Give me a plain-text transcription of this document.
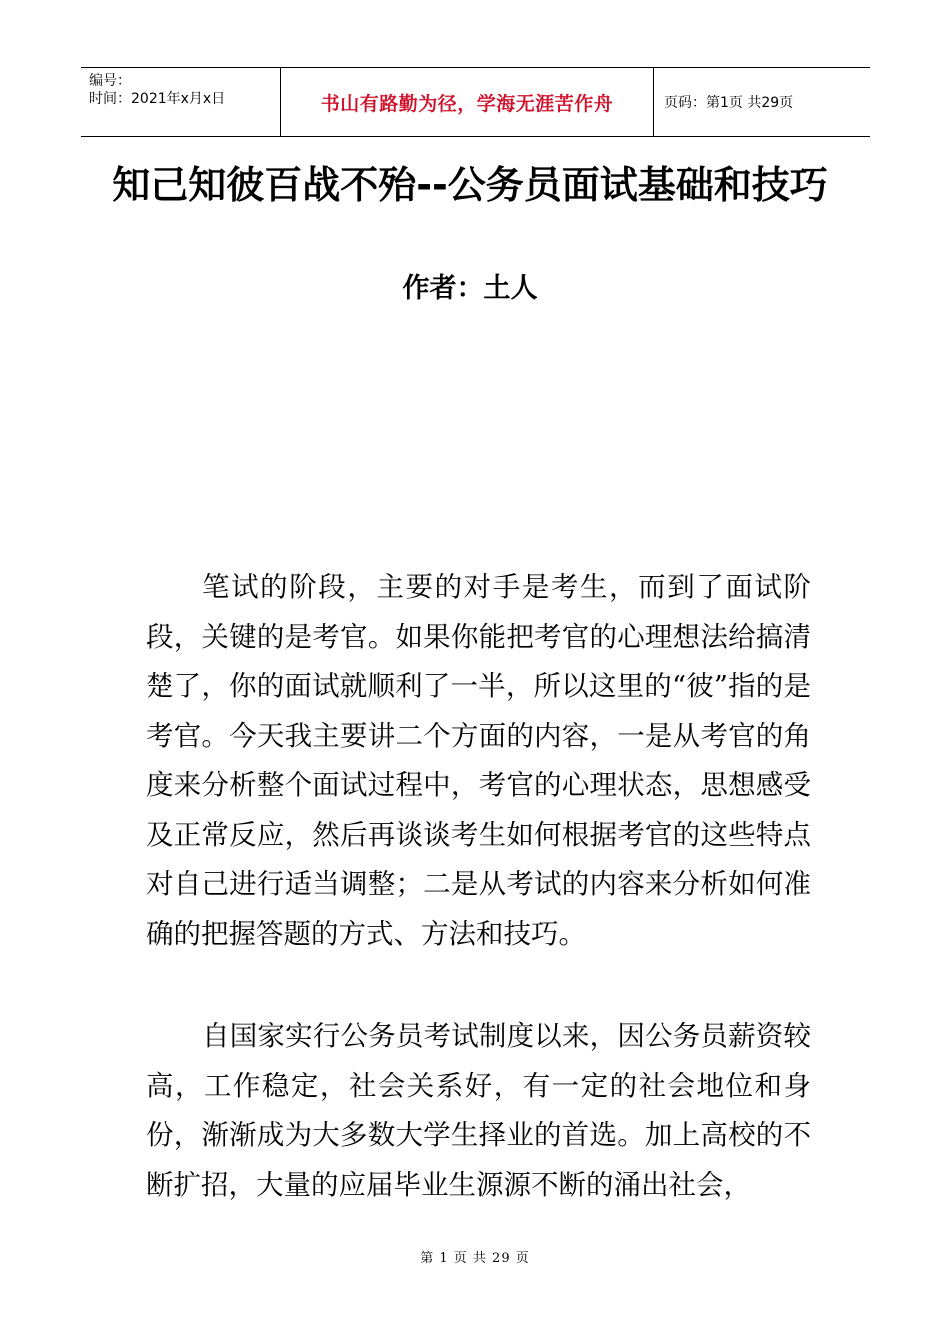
编号：
时间：2021年x月x日	书山有路勤为径，学海无涯苦作舟	页码：第1页 共29页
知己知彼百战不殆--公务员面试基础和技巧
作者：土人

笔试的阶段，主要的对手是考生，而到了面试阶段，关键的是考官。如果你能把考官的心理想法给搞清楚了，你的面试就顺利了一半，所以这里的“彼”指的是考官。今天我主要讲二个方面的内容，一是从考官的角度来分析整个面试过程中，考官的心理状态，思想感受及正常反应，然后再谈谈考生如何根据考官的这些特点对自己进行适当调整；二是从考试的内容来分析如何准确的把握答题的方式、方法和技巧。

自国家实行公务员考试制度以来，因公务员薪资较高，工作稳定，社会关系好，有一定的社会地位和身份，渐渐成为大多数大学生择业的首选。加上高校的不断扩招，大量的应届毕业生源源不断的涌出社会，

第 1 页 共 29 页
